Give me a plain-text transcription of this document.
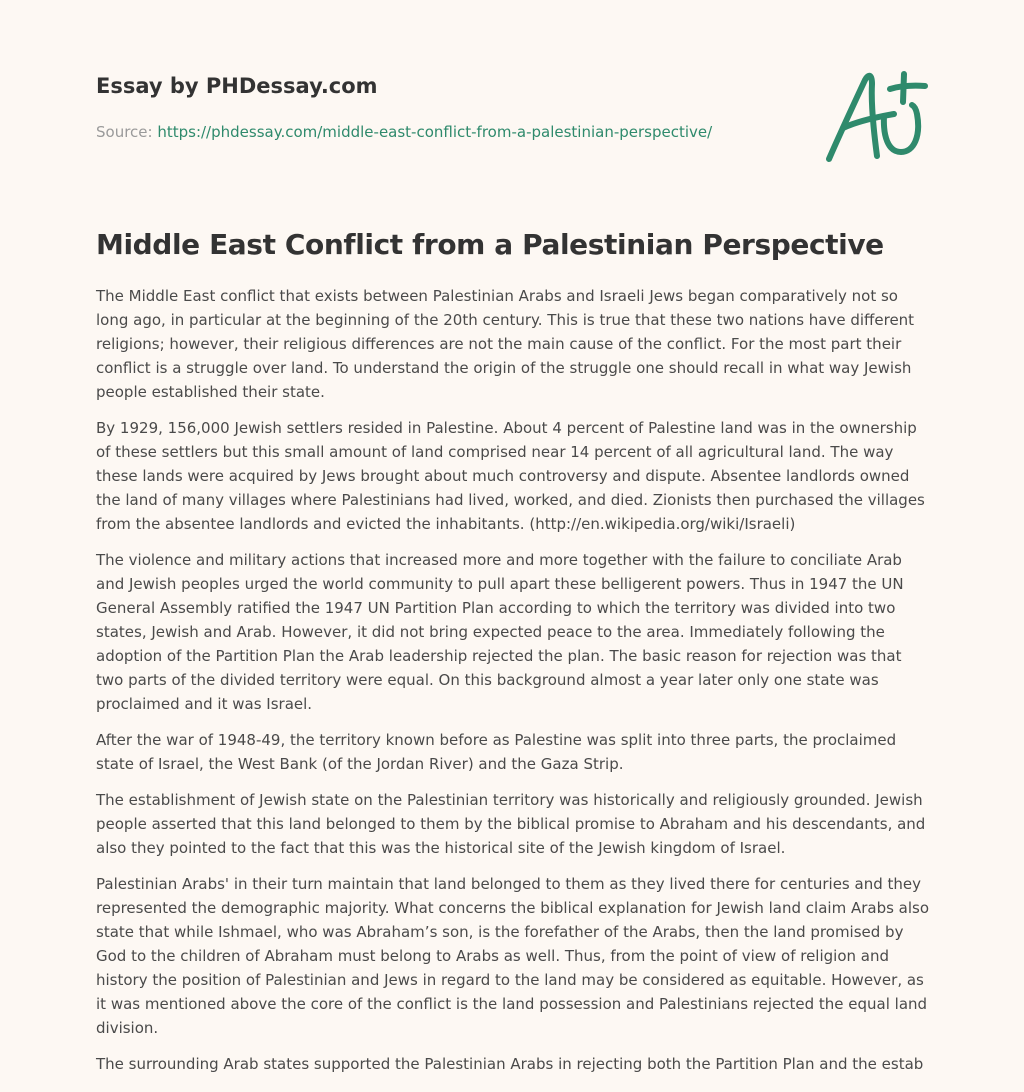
Essay by PHDessay.com
Source: https://phdessay.com/middle-east-conflict-from-a-palestinian-perspective/
Middle East Conflict from a Palestinian Perspective

The Middle East conflict that exists between Palestinian Arabs and Israeli Jews began comparatively not so long ago, in particular at the beginning of the 20th century. This is true that these two nations have different religions; however, their religious differences are not the main cause of the conflict. For the most part their conflict is a struggle over land. To understand the origin of the struggle one should recall in what way Jewish people established their state.

By 1929, 156,000 Jewish settlers resided in Palestine. About 4 percent of Palestine land was in the ownership of these settlers but this small amount of land comprised near 14 percent of all agricultural land. The way these lands were acquired by Jews brought about much controversy and dispute. Absentee landlords owned the land of many villages where Palestinians had lived, worked, and died. Zionists then purchased the villages from the absentee landlords and evicted the inhabitants. (http://en.wikipedia.org/wiki/Israeli)

The violence and military actions that increased more and more together with the failure to conciliate Arab and Jewish peoples urged the world community to pull apart these belligerent powers. Thus in 1947 the UN General Assembly ratified the 1947 UN Partition Plan according to which the territory was divided into two states, Jewish and Arab. However, it did not bring expected peace to the area. Immediately following the adoption of the Partition Plan the Arab leadership rejected the plan. The basic reason for rejection was that two parts of the divided territory were equal. On this background almost a year later only one state was proclaimed and it was Israel.

After the war of 1948-49, the territory known before as Palestine was split into three parts, the proclaimed state of Israel, the West Bank (of the Jordan River) and the Gaza Strip.

The establishment of Jewish state on the Palestinian territory was historically and religiously grounded. Jewish people asserted that this land belonged to them by the biblical promise to Abraham and his descendants, and also they pointed to the fact that this was the historical site of the Jewish kingdom of Israel.

Palestinian Arabs' in their turn maintain that land belonged to them as they lived there for centuries and they represented the demographic majority. What concerns the biblical explanation for Jewish land claim Arabs also state that while Ishmael, who was Abraham’s son, is the forefather of the Arabs, then the land promised by God to the children of Abraham must belong to Arabs as well. Thus, from the point of view of religion and history the position of Palestinian and Jews in regard to the land may be considered as equitable. However, as it was mentioned above the core of the conflict is the land possession and Palestinians rejected the equal land division.

The surrounding Arab states supported the Palestinian Arabs in rejecting both the Partition Plan and the estab
